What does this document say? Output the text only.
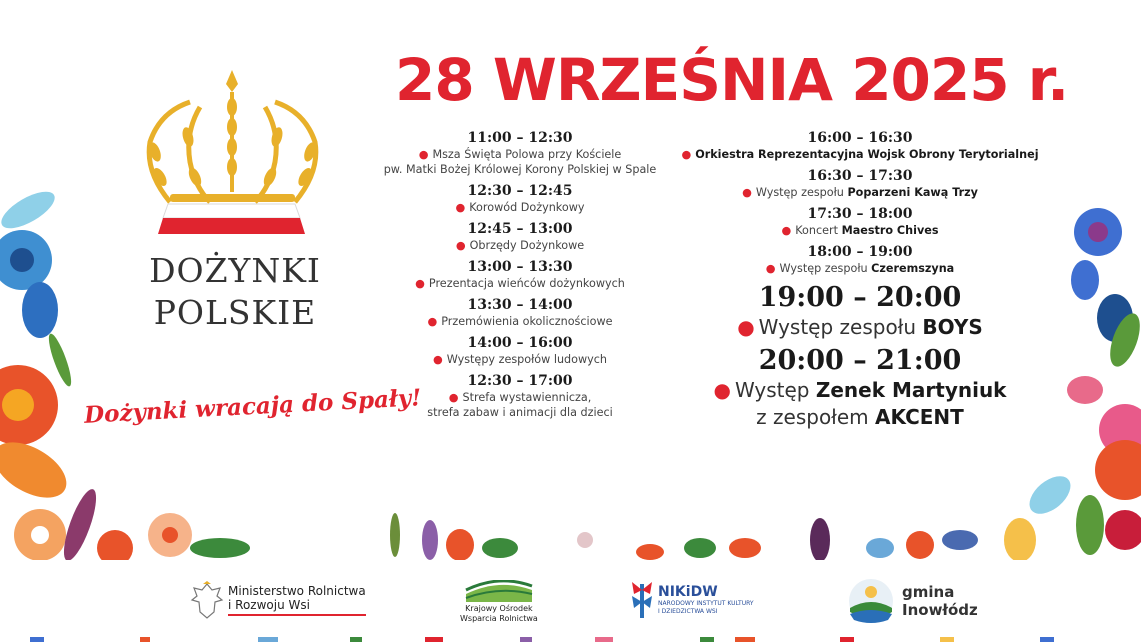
DOŻYNKI
POLSKIE
Dożynki wracają do Spały!
28 WRZEŚNIA 2025 r.
11:00 – 12:30
● Msza Święta Polowa przy Kościele
pw. Matki Bożej Królowej Korony Polskiej w Spale
12:30 – 12:45
● Korowód Dożynkowy
12:45 – 13:00
● Obrzędy Dożynkowe
13:00 – 13:30
● Prezentacja wieńców dożynkowych
13:30 – 14:00
● Przemówienia okolicznościowe
14:00 – 16:00
● Występy zespołów ludowych
12:30 – 17:00
● Strefa wystawiennicza,
strefa zabaw i animacji dla dzieci
16:00 – 16:30
● Orkiestra Reprezentacyjna Wojsk Obrony Terytorialnej
16:30 – 17:30
● Występ zespołu Poparzeni Kawą Trzy
17:30 – 18:00
● Koncert Maestro Chives
18:00 – 19:00
● Występ zespołu Czeremszyna
19:00 – 20:00
● Występ zespołu BOYS
20:00 – 21:00
● Występ Zenek Martyniuk
z zespołem AKCENT
Ministerstwo Rolnictwa
i Rozwoju Wsi	Krajowy Ośrodek
Wsparcia Rolnictwa
NIKiDW
NARODOWY INSTYTUT KULTURY
I DZIEDZICTWA WSI
gmina
Inowłódz
